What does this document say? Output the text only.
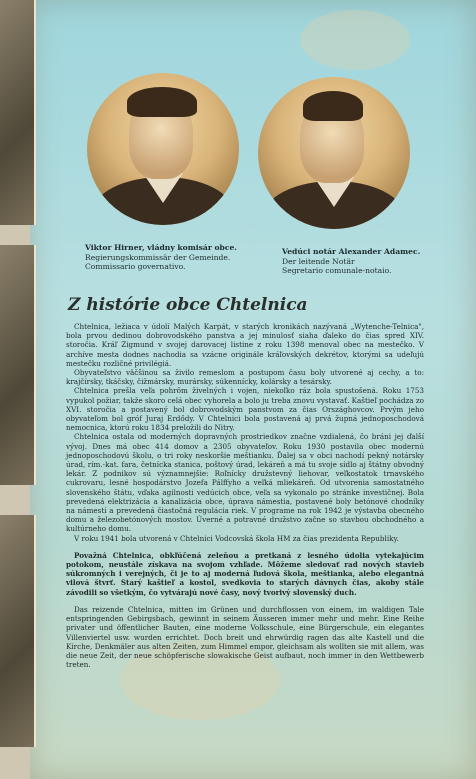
Viktor Hirner, vládny komisár obce.
Regierungskommissär der Gemeinde.
Commissario governativo.
Vedúci notár Alexander Adamec.
Der leitende Notär
Segretario comunale-notaio.
Z histórie obce Chtelnica

Chtelnica, ležiaca v údolí Malých Karpát, v starých kronikách nazývaná „Wytenche-Telnica", bola prvou dedinou dobrovodského panstva a jej minulosť siaha ďaleko do čias spred XIV. storočia. Kráľ Zigmund v svojej darovacej listine z roku 1398 menoval obec na mestečko. V archíve mesta dodnes nachodia sa vzácne originále kráľovských dekrétov, ktorými sa udeľujú mestečku rozličné privilégiá.

Obyvateľstvo väčšinou sa živilo remeslom a postupom času boly utvorené aj cechy, a to: krajčírsky, tkáčsky, čižmársky, murársky, súkennícky, kolársky a tesársky.

Chtelnica prešla veľa pohrôm živelných i vojen, niekoľko ráz bola spustošená. Roku 1753 vypukol požiar, takže skoro celá obec vyhorela a bolo ju treba znovu vystavať. Kaštieľ pochádza zo XVI. storočia a postavený bol dobrovodským panstvom za čias Országhovcov. Prvým jeho obyvateľom bol gróf Juraj Erdődy. V Chtelnici bola postavená aj prvá župná jednoposchodová nemocnica, ktorú roku 1834 preložili do Nitry.

Chtelnica ostala od moderných dopravných prostriedkov značne vzdialená, čo bráni jej ďalší vývoj. Dnes má obec 414 domov a 2305 obyvateľov. Roku 1930 postavila obec modernú jednoposchodovú školu, o tri roky neskoršie meštianku. Ďalej sa v obci nachodí pekný notársky úrad, rím.-kat. fara, četnícka stanica, poštový úrad, lekáreň a má tu svoje sídlo aj štátny obvodný lekár. Z podnikov sú významnejšie: Roľnícky družstevný liehovar, veľkostatok trnavského cukrovaru, lesné hospodárstvo Jozefa Pálffyho a veľká mliekáreň. Od utvorenia samostatného slovenského štátu, vďaka agilnosti vedúcich obce, veľa sa vykonalo po stránke investičnej. Bola prevedená elektrizácia a kanalizácia obce, úprava námestia, postavené boly betónové chodníky na námestí a prevedená čiastočná regulácia riek. V programe na rok 1942 je výstavba obecného domu a železobetónových mostov. Úverné a potravné družstvo začne so stavbou obchodného a kultúrneho domu.

V roku 1941 bola utvorená v Chtelnici Vodcovská škola HM za čias prezidenta Republiky.

Považná Chtelnica, obkľúčená zeleňou a pretkaná z lesného údolia vytekajúcim potokom, neustále získava na svojom vzhľade. Môžeme sledovať rad nových stavieb súkromných i verejných, či je to aj moderná ľudová škola, meštianka, alebo elegantná vilová štvrť. Starý kaštieľ a kostol, svedkovia to starých dávnych čias, akoby stále závodili so všetkým, čo vytvárajú nové časy, nový tvorivý slovenský duch.

Das reizende Chtelnica, mitten im Grünen und durchflossen von einem, im waldigen Tale entspringenden Gebirgsbach, gewinnt in seinem Äusseren immer mehr und mehr. Eine Reihe privater und öffentlicher Bauten, eine moderne Volksschule, eine Bürgerschule, ein elegantes Villenviertel usw. wurden errichtet. Doch breit und ehrwürdig ragen das alte Kastell und die Kirche, Denkmäler aus alten Zeiten, zum Himmel empor, gleichsam als wollten sie mit allem, was die neue Zeit, der neue schöpferische slowakische Geist aufbaut, noch immer in den Wettbewerb treten.
